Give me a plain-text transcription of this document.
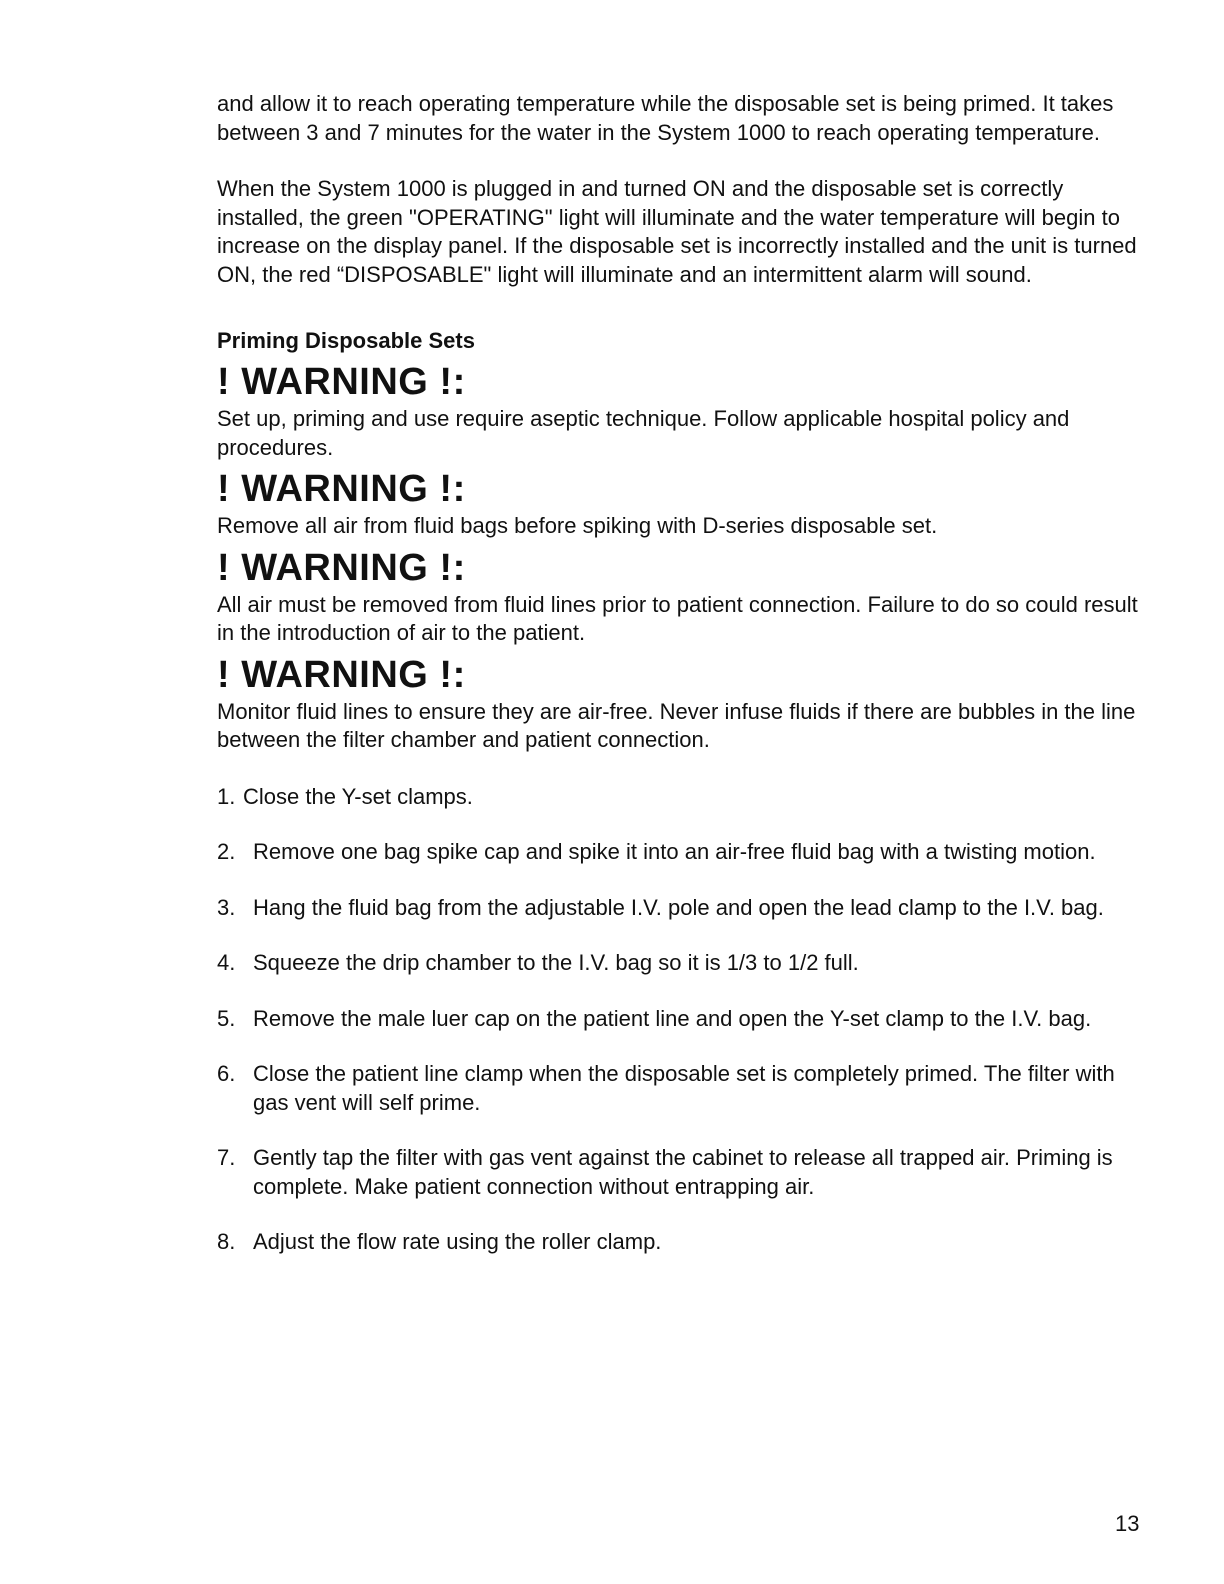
and allow it to reach operating temperature while the disposable set is being primed. It takes between 3 and 7 minutes for the water in the System 1000 to reach operating temperature.

When the System 1000 is plugged in and turned ON and the disposable set is correctly installed, the green "OPERATING" light will illuminate and the water temperature will begin to increase on the display panel. If the disposable set is incorrectly installed and the unit is turned ON, the red “DISPOSABLE" light will illuminate and an intermittent alarm will sound.

Priming Disposable Sets
! WARNING !:

Set up, priming and use require aseptic technique. Follow applicable hospital policy and procedures.

! WARNING !:

Remove all air from fluid bags before spiking with D-series disposable set.

! WARNING !:

All air must be removed from fluid lines prior to patient connection. Failure to do so could result in the introduction of air to the patient.

! WARNING !:

Monitor fluid lines to ensure they are air-free. Never infuse fluids if there are bubbles in the line between the filter chamber and patient connection.

1. Close the Y-set clamps.
2. Remove one bag spike cap and spike it into an air-free fluid bag with a twisting motion.
3. Hang the fluid bag from the adjustable I.V. pole and open the lead clamp to the I.V. bag.
4. Squeeze the drip chamber to the I.V. bag so it is 1/3 to 1/2 full.
5. Remove the male luer cap on the patient line and open the Y-set clamp to the I.V. bag.
6. Close the patient line clamp when the disposable set is completely primed. The filter with gas vent will self prime.
7. Gently tap the filter with gas vent against the cabinet to release all trapped air. Priming is complete. Make patient connection without entrapping air.
8. Adjust the flow rate using the roller clamp.
13
